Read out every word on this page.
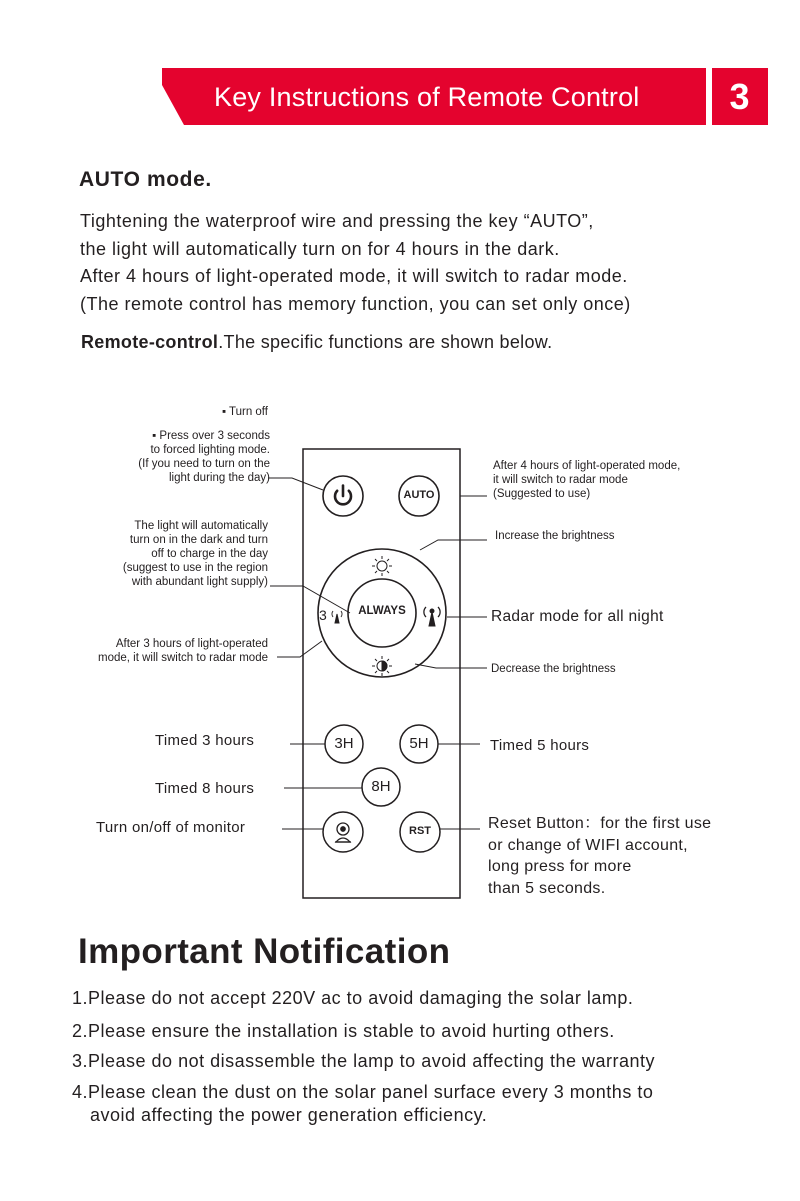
Key Instructions of Remote Control	3
AUTO mode.
Tightening the waterproof wire and pressing the key “AUTO”,
the light will automatically turn on for 4 hours in the dark.
After 4 hours of light-operated mode, it will switch to radar mode.
(The remote control has memory function, you can set only once)
Remote-control.The specific functions are shown below.
AUTO
ALWAYS
3
3H	5H
8H
RST
▪ Turn off
▪ Press over 3 seconds
to forced lighting mode.
(If you need to turn on the
light during the day)
The light will automatically
turn on in the dark and turn
off to charge in the day
(suggest to use in the region
with abundant light supply)
After 3 hours of light-operated
mode, it will switch to radar mode
Timed 3 hours
Timed 8 hours
Turn on/off of monitor
After 4 hours of light-operated mode,
it will switch to radar mode
(Suggested to use)
Increase the brightness
Radar mode for all night
Decrease the brightness
Timed 5 hours
Reset Button：for the first use
or change of WIFI account,
long press for more
than 5 seconds.
Important Notification
1.Please do not accept 220V ac to avoid damaging the solar lamp.
2.Please ensure the installation is stable to avoid hurting others.
3.Please do not disassemble the lamp to avoid affecting the warranty
4.Please clean the dust on the solar panel surface every 3 months to
avoid affecting the power generation efficiency.
